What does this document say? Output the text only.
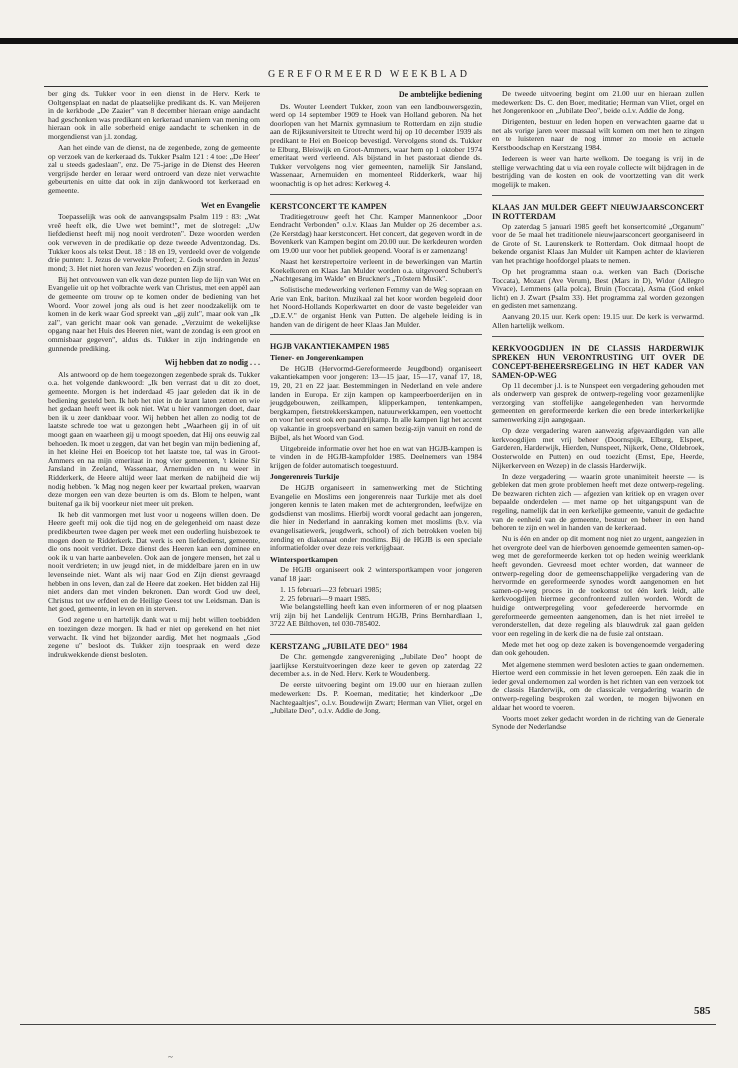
GEREFORMEERD WEEKBLAD

ber ging ds. Tukker voor in een dienst in de Herv. Kerk te Ooltgensplaat en nadat de plaatselijke predikant ds. K. van Meijeren in de kerkbode „De Zaaier" van 8 december hieraan enige aandacht had geschonken was predikant en kerkeraad unaniem van mening om hieraan ook in alle soberheid enige aandacht te schenken in de morgendienst van j.l. zondag.

Aan het einde van de dienst, na de zegenbede, zong de gemeente op verzoek van de kerkeraad ds. Tukker Psalm 121 : 4 toe: „De Heer' zal u steeds gadeslaan", enz. De 75-jarige in de Dienst des Heeren vergrijsde herder en leraar werd ontroerd van deze niet verwachte gebeurtenis en uitte dat ook in zijn dankwoord tot kerkeraad en gemeente.

Wet en Evangelie

Toepasselijk was ook de aanvangspsalm Psalm 119 : 83: „Wat vreê heeft elk, die Uwe wet bemint!", met de slotregel: „Uw liefdedienst heeft mij nog nooit verdroten". Deze woorden werden ook verweven in de predikatie op deze tweede Adventzondag. Ds. Tukker koos als tekst Deut. 18 : 18 en 19, verdeeld over de volgende drie punten: 1. Jezus de verwekte Profeet; 2. Gods woorden in Jezus' mond; 3. Het niet horen van Jezus' woorden en Zijn straf.

Bij het ontvouwen van elk van deze punten liep de lijn van Wet en Evangelie uit op het volbrachte werk van Christus, met een appèl aan de gemeente om trouw op te komen onder de bediening van het Woord. Voor zowel jong als oud is het zeer noodzakelijk om te komen in de kerk waar God spreekt van „gij zult", maar ook van „Ik zal", van gericht maar ook van genade. „Verzuimt de wekelijkse opgang naar het Huis des Heeren niet, want de zondag is een groot en ommisbaar gegeven", aldus ds. Tukker in zijn indringende en gunnende prediking.

Wij hebben dat zo nodig . . .

Als antwoord op de hem toegezongen zegenbede sprak ds. Tukker o.a. het volgende dankwoord: „Ik ben verrast dat u dit zo doet, gemeente. Morgen is het inderdaad 45 jaar geleden dat ik in de bediening gesteld ben. Ik heb het niet in de krant laten zetten en wie het gedaan heeft weet ik ook niet. Wat u hier vanmorgen doet, daar ben ik u zeer dankbaar voor. Wij hebben het allen zo nodig tot de laatste schrede toe wat u gezongen hebt „Waarheen gij in of uit moogt gaan en waarheen gij u moogt spoeden, dat Hij ons eeuwig zal behoeden. Ik moet u zeggen, dat van het begin van mijn bediening af, in het kleine Hei en Boeicop tot het laatste toe, tal was in Groot-Ammers en na mijn emeritaat in nog vier gemeenten, 't kleine Sir Jansland in Zeeland, Wassenaar, Arnemuiden en nu weer in Ridderkerk, de Heere altijd weer laat merken de nabijheid die wij nodig hebben. 'k Mag nog negen keer per kwartaal preken, waarvan deze morgen een van deze beurten is om ds. Blom te helpen, want buitenaf ga ik bij voorkeur niet meer uit preken.

Ik heb dit vanmorgen met lust voor u nogeens willen doen. De Heere geeft mij ook die tijd nog en de gelegenheid om naast deze predikbeurten twee dagen per week met een ouderling huisbezoek te mogen doen te Ridderkerk. Dat werk is een liefdedienst, gemeente, die ons nooit verdriet. Deze dienst des Heeren kan een dominee en ook ik u van harte aanbevelen. Ook aan de jongere mensen, het zal u nooit verdrieten; in uw jeugd niet, in de middelbare jaren en in uw levenseinde niet. Want als wij naar God en Zijn dienst gevraagd hebben in ons leven, dan zal de Heere dat zoeken. Het bidden zal Hij niet anders dan met vinden bekronen. Dan wordt God uw deel, Christus tot uw erfdeel en de Heilige Geest tot uw Leidsman. Dan is het goed, gemeente, in leven en in sterven.

God zegene u en hartelijk dank wat u mij hebt willen toebidden en toezingen deze morgen. Ik had er niet op gerekend en het niet verwacht. Ik vind het bijzonder aardig. Met het nogmaals „God zegene u" besloot ds. Tukker zijn toespraak en werd deze indrukwekkende dienst besloten.

De ambtelijke bediening

Ds. Wouter Leendert Tukker, zoon van een landbouwersgezin, werd op 14 september 1909 te Hoek van Holland geboren. Na het doorlopen van het Marnix gymnasium te Rotterdam en zijn studie aan de Rijksuniversiteit te Utrecht werd hij op 10 december 1939 als predikant te Hei en Boeicop bevestigd. Vervolgens stond ds. Tukker te Elburg, Bleiswijk en Groot-Ammers, waar hem op 1 oktober 1974 emeritaat werd verleend. Als bijstand in het pastoraat diende ds. Tukker vervolgens nog vier gemeenten, namelijk Sir Jansland, Wassenaar, Arnemuiden en momenteel Ridderkerk, waar hij woonachtig is op het adres: Kerkweg 4.

KERSTCONCERT TE KAMPEN

Traditiegetrouw geeft het Chr. Kamper Mannenkoor „Door Eendracht Verbonden" o.l.v. Klaas Jan Mulder op 26 december a.s. (2e Kerstdag) haar kerstconcert. Het concert, dat gegeven wordt in de Bovenkerk van Kampen begint om 20.00 uur. De kerkdeuren worden om 19.00 uur voor het publiek geopend. Vooraf is er zamenzang!

Naast het kerstrepertoire verleent in de bewerkingen van Martin Koekelkoren en Klaas Jan Mulder worden o.a. uitgevoerd Schubert's „Nachtgesang im Walde" en Bruckner's „Tröstern Musik".

Solistische medewerking verlenen Femmy van de Weg sopraan en Arie van Enk, bariton. Muzikaal zal het koor worden begeleid door het Noord-Hollands Koperkwartet en door de vaste begeleider van „D.E.V." de organist Henk van Putten. De algehele leiding is in handen van de dirigent de heer Klaas Jan Mulder.

HGJB VAKANTIEKAMPEN 1985
Tiener- en Jongerenkampen

De HGJB (Hervormd-Gereformeerde Jeugdbond) organiseert vakantiekampen voor jongeren: 13—15 jaar, 15—17, vanaf 17, 18, 19, 20, 21 en 22 jaar. Bestemmingen in Nederland en vele andere landen in Europa. Er zijn kampen op kampeerboerderijen en in jeugdgebouwen, zeilkampen, klipperkampen, tentenkampen, bergkampen, fietstrekkerskampen, natuurwerkkampen, een voettocht en voor het eerst ook een paardrijkamp. In alle kampen ligt het accent op vakantie in groepsverband en samen bezig-zijn vanuit en rond de Bijbel, als het Woord van God.

Uitgebreide informatie over het hoe en wat van HGJB-kampen is te vinden in de HGJB-kampfolder 1985. Deelnemers van 1984 krijgen de folder automatisch toegestuurd.

Jongerenreis Turkije

De HGJB organiseert in samenwerking met de Stichting Evangelie en Moslims een jongerenreis naar Turkije met als doel jongeren kennis te laten maken met de achtergronden, leefwijze en godsdienst van moslims. Hierbij wordt vooral gedacht aan jongeren, die hier in Nederland in aanraking komen met moslims (b.v. via evangelisatiewerk, jeugdwerk, school) of zich betrokken voelen bij zending en diakonaat onder moslims. Bij de HGJB is een speciale informatiefolder over deze reis verkrijgbaar.

Wintersportkampen

De HGJB organiseert ook 2 wintersportkampen voor jongeren vanaf 18 jaar:

1. 15 februari—23 februari 1985;

2. 25 februari—9 maart 1985.

Wie belangstelling heeft kan even informeren of er nog plaatsen vrij zijn bij het Landelijk Centrum HGJB, Prins Bernhardlaan 1, 3722 AE Bilthoven, tel 030-785402.

KERSTZANG „JUBILATE DEO" 1984

De Chr. gemengde zangvereniging „Jubilate Deo" hoopt de jaarlijkse Kerstuitvoeringen deze keer te geven op zaterdag 22 december a.s. in de Ned. Herv. Kerk te Woudenberg.

De eerste uitvoering begint om 19.00 uur en hieraan zullen medewerken: Ds. P. Koeman, meditatie; het kinderkoor „De Nachtegaaltjes", o.l.v. Boudewijn Zwart; Herman van Vliet, orgel en „Jubilate Deo", o.l.v. Addie de Jong.

De tweede uitvoering begint om 21.00 uur en hieraan zullen medewerken: Ds. C. den Boer, meditatie; Herman van Vliet, orgel en het Jongerenkoor en „Jubilate Deo", beide o.l.v. Addie de Jong.

Dirigenten, bestuur en leden hopen en verwachten gaarne dat u net als vorige jaren weer massaal wilt komen om met hen te zingen en te luisteren naar de nog immer zo mooie en actuele Kerstboodschap en Kerstzang 1984.

Iedereen is weer van harte welkom. De toegang is vrij in de stellige verwachting dat u via een royale collecte wilt bijdragen in de bestrijding van de kosten en ook de voortzetting van dit werk mogelijk te maken.

KLAAS JAN MULDER GEEFT NIEUWJAARSCONCERT IN ROTTERDAM

Op zaterdag 5 januari 1985 geeft het konsertcomité „Organum" voor de 5e maal het traditionele nieuwjaarsconcert georganiseerd in de Grote of St. Laurenskerk te Rotterdam. Ook ditmaal hoopt de bekende organist Klaas Jan Mulder uit Kampen achter de klavieren van het prachtige hoofdorgel plaats te nemen.

Op het programma staan o.a. werken van Bach (Dorische Toccata), Mozart (Ave Verum), Best (Mars in D), Widor (Allegro Vivace), Lemmens (alla polca), Bruin (Toccata), Asma (God enkel licht) en J. Zwart (Psalm 33). Het programma zal worden gezongen en gedisten met samenzang.

Aanvang 20.15 uur. Kerk open: 19.15 uur. De kerk is verwarmd. Allen hartelijk welkom.

KERKVOOGDIJEN IN DE CLASSIS HARDERWIJK SPREKEN HUN VERONTRUSTING UIT OVER DE CONCEPT-BEHEERSREGELING IN HET KADER VAN SAMEN-OP-WEG

Op 11 december j.l. is te Nunspeet een vergadering gehouden met als onderwerp van gesprek de ontwerp-regeling voor gezamenlijke verzorging van stoffelijke aangelegenheden van hervormde gemeenten en gereformeerde kerken die een brede interkerkelijke samenwerking zijn aangegaan.

Op deze vergadering waren aanwezig afgevaardigden van alle kerkvoogdijen met vrij beheer (Doornspijk, Elburg, Elspeet, Garderen, Harderwijk, Hierden, Nunspeet, Nijkerk, Oene, Oldebroek, Oosterwolde en Putten) en oud toezicht (Emst, Epe, Heerde, Nijkerkerveen en Wezep) in de classis Harderwijk.

In deze vergadering — waarin grote unanimiteit heerste — is gebleken dat men grote problemen heeft met deze ontwerp-regeling. De bezwaren richten zich — afgezien van kritiek op en vragen over bepaalde onderdelen — met name op het uitgangspunt van de regeling, namelijk dat in een kerkelijke gemeente, vanuit de gedachte van de eenheid van de gemeente, bestuur en beheer in een hand behoren te zijn en wel in handen van de kerkeraad.

Nu is één en ander op dit moment nog niet zo urgent, aangezien in het overgrote deel van de hierboven genoemde gemeenten samen-op-weg met de gereformeerde kerken tot op heden weinig weerklank heeft gevonden. Gevreesd moet echter worden, dat wanneer de ontwerp-regeling door de gemeenschappelijke vergadering van de hervormde en gereformeerde synodes wordt aangenomen en het samen-op-weg proces in de toekomst tot één kerk leidt, alle kerkvoogdijen hiermee geconfronteerd zullen worden. Wordt de huidige ontwerpregeling voor gefedereerde hervormde en gereformeerde gemeenten aangenomen, dan is het niet irreëel te veronderstellen, dat deze regeling als blauwdruk zal gaan gelden voor een regeling in de kerk die na de fusie zal ontstaan.

Mede met het oog op deze zaken is bovengenoemde vergadering dan ook gehouden.

Met algemene stemmen werd besloten acties te gaan ondernemen. Hiertoe werd een commissie in het leven geroepen. Eén zaak die in ieder geval ondernomen zal worden is het richten van een verzoek tot de classis Harderwijk, om de classicale vergadering waarin de ontwerp-regeling besproken zal worden, te mogen bijwonen en aldaar het woord te voeren.

Voorts moet zeker gedacht worden in de richting van de Generale Synode der Nederlandse

585
~
